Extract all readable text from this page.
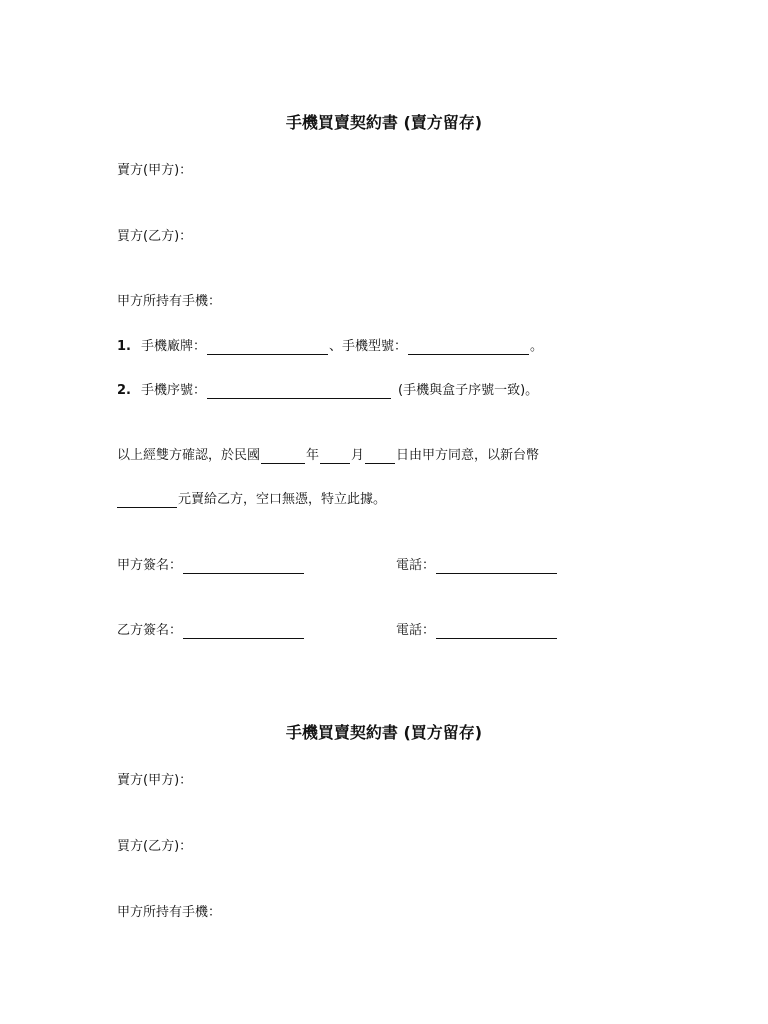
手機買賣契約書 (賣方留存)
賣方(甲方)：
買方(乙方)：
甲方所持有手機：
1. 手機廠牌：	、手機型號：	。
2. 手機序號：	(手機與盒子序號一致)。
以上經雙方確認，於民國	年 月 日由甲方同意，以新台幣
元賣給乙方，空口無憑，特立此據。
甲方簽名：	電話：
乙方簽名：	電話：
手機買賣契約書 (買方留存)
賣方(甲方)：
買方(乙方)：
甲方所持有手機：
